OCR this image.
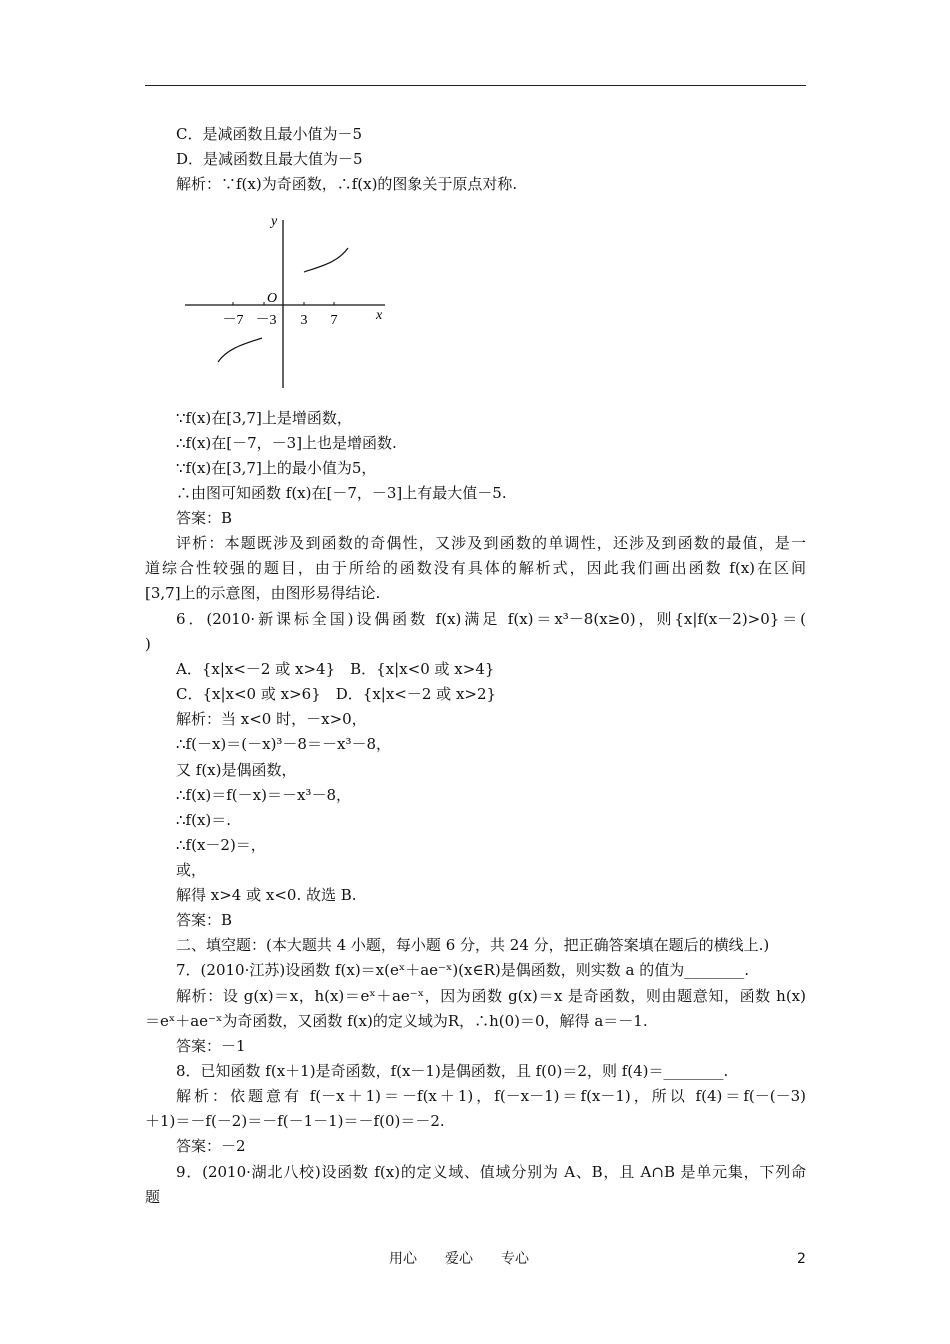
C．是减函数且最小值为－5
D．是减函数且最大值为－5
解析：∵f(x)为奇函数，∴f(x)的图象关于原点对称.
y
x
O
－7 －3 3 7
∵f(x)在[3,7]上是增函数，
∴f(x)在[－7，－3]上也是增函数.
∵f(x)在[3,7]上的最小值为5，
∴由图可知函数 f(x)在[－7，－3]上有最大值－5.
答案：B
评析：本题既涉及到函数的奇偶性，又涉及到函数的单调性，还涉及到函数的最值，是一
道综合性较强的题目，由于所给的函数没有具体的解析式，因此我们画出函数 f(x)在区间
[3,7]上的示意图，由图形易得结论.
6．(2010·新课标全国)设偶函数 f(x)满足 f(x)＝x³－8(x≥0)，则{x|f(x－2)>0}＝(
)
A．{x|x<－2 或 x>4}　B．{x|x<0 或 x>4}
C．{x|x<0 或 x>6}　D．{x|x<－2 或 x>2}
解析：当 x<0 时，－x>0，
∴f(－x)＝(－x)³－8＝－x³－8，
又 f(x)是偶函数，
∴f(x)＝f(－x)＝－x³－8，
∴f(x)＝.
∴f(x－2)＝，
或，
解得 x>4 或 x<0. 故选 B.
答案：B
二、填空题：(本大题共 4 小题，每小题 6 分，共 24 分，把正确答案填在题后的横线上.)
7．(2010·江苏)设函数 f(x)＝x(eˣ＋ae⁻ˣ)(x∈R)是偶函数，则实数 a 的值为________.
解析：设 g(x)＝x，h(x)＝eˣ＋ae⁻ˣ，因为函数 g(x)＝x 是奇函数，则由题意知，函数 h(x)
＝eˣ＋ae⁻ˣ为奇函数，又函数 f(x)的定义域为R，∴h(0)＝0，解得 a＝－1.
答案：－1
8．已知函数 f(x＋1)是奇函数，f(x－1)是偶函数，且 f(0)＝2，则 f(4)＝________.
解析：依题意有 f(－x＋1)＝－f(x＋1)，f(－x－1)＝f(x－1)，所以 f(4)＝f(－(－3)
＋1)＝－f(－2)＝－f(－1－1)＝－f(0)＝－2.
答案：－2
9．(2010·湖北八校)设函数 f(x)的定义域、值域分别为 A、B，且 A∩B 是单元集，下列命
题
用心　　爱心　　专心	2
